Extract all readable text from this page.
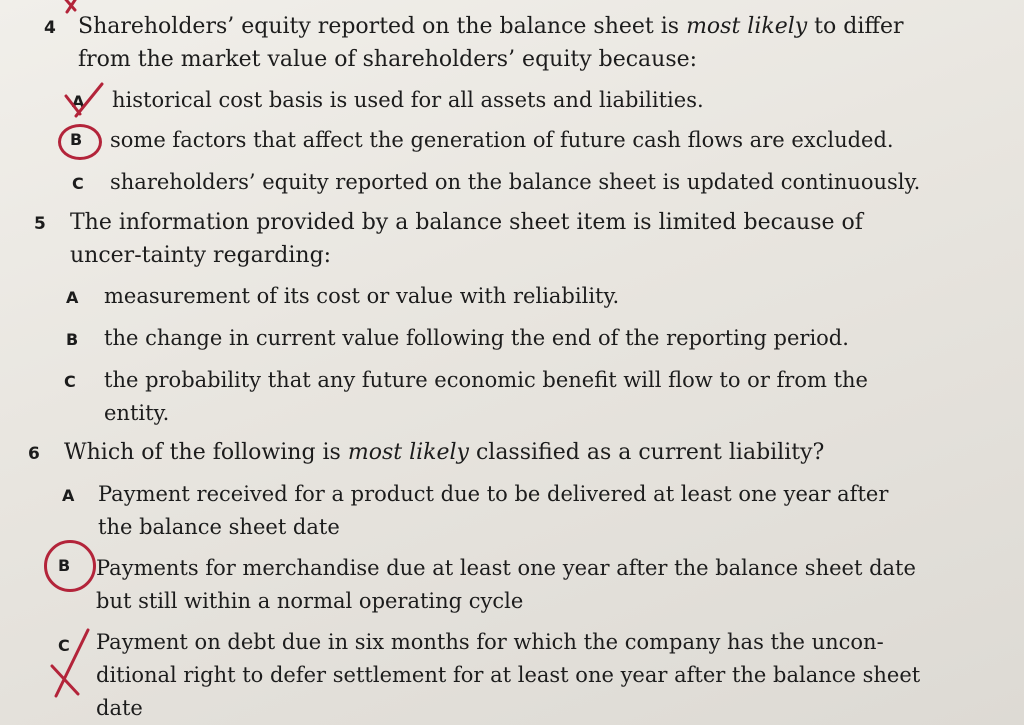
4 Shareholders’ equity reported on the balance sheet is most likely to differ from the market value of shareholders’ equity because:
A historical cost basis is used for all assets and liabilities.
B some factors that affect the generation of future cash flows are excluded.
C shareholders’ equity reported on the balance sheet is updated continuously.
5 The information provided by a balance sheet item is limited because of uncer-tainty regarding:
A measurement of its cost or value with reliability.
B the change in current value following the end of the reporting period.
C the probability that any future economic benefit will flow to or from the entity.
6 Which of the following is most likely classified as a current liability?
A Payment received for a product due to be delivered at least one year after the balance sheet date
B Payments for merchandise due at least one year after the balance sheet date but still within a normal operating cycle
C Payment on debt due in six months for which the company has the uncon-ditional right to defer settlement for at least one year after the balance sheet date
